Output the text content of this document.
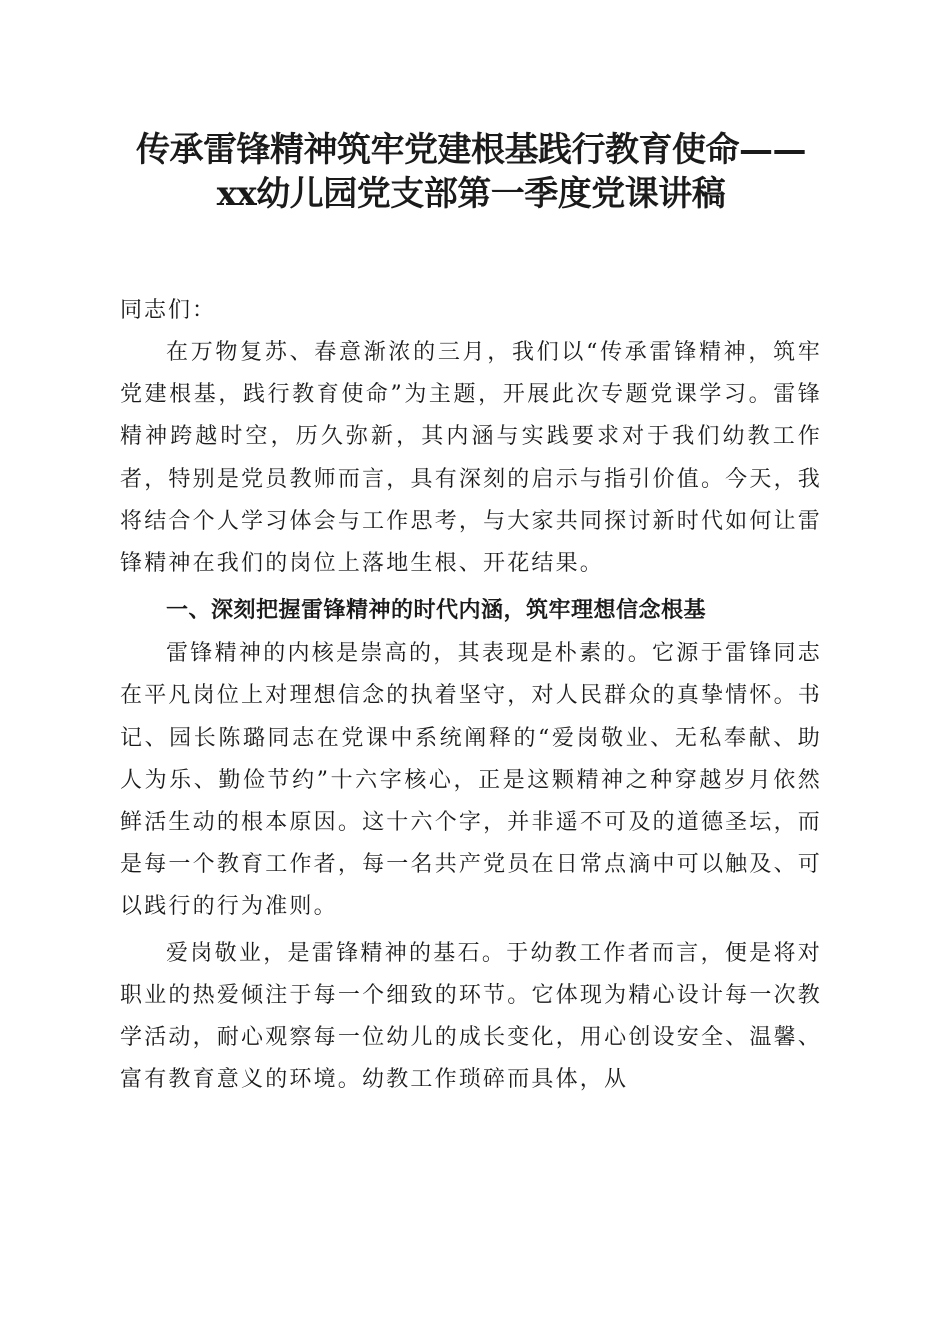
传承雷锋精神筑牢党建根基践行教育使命——
xx幼儿园党支部第一季度党课讲稿

同志们：

在万物复苏、春意渐浓的三月，我们以“传承雷锋精神，筑牢党建根基，践行教育使命”为主题，开展此次专题党课学习。雷锋精神跨越时空，历久弥新，其内涵与实践要求对于我们幼教工作者，特别是党员教师而言，具有深刻的启示与指引价值。今天，我将结合个人学习体会与工作思考，与大家共同探讨新时代如何让雷锋精神在我们的岗位上落地生根、开花结果。

一、深刻把握雷锋精神的时代内涵，筑牢理想信念根基

雷锋精神的内核是崇高的，其表现是朴素的。它源于雷锋同志在平凡岗位上对理想信念的执着坚守，对人民群众的真挚情怀。书记、园长陈璐同志在党课中系统阐释的“爱岗敬业、无私奉献、助人为乐、勤俭节约”十六字核心，正是这颗精神之种穿越岁月依然鲜活生动的根本原因。这十六个字，并非遥不可及的道德圣坛，而是每一个教育工作者，每一名共产党员在日常点滴中可以触及、可以践行的行为准则。

爱岗敬业，是雷锋精神的基石。于幼教工作者而言，便是将对职业的热爱倾注于每一个细致的环节。它体现为精心设计每一次教学活动，耐心观察每一位幼儿的成长变化，用心创设安全、温馨、富有教育意义的环境。幼教工作琐碎而具体，从
